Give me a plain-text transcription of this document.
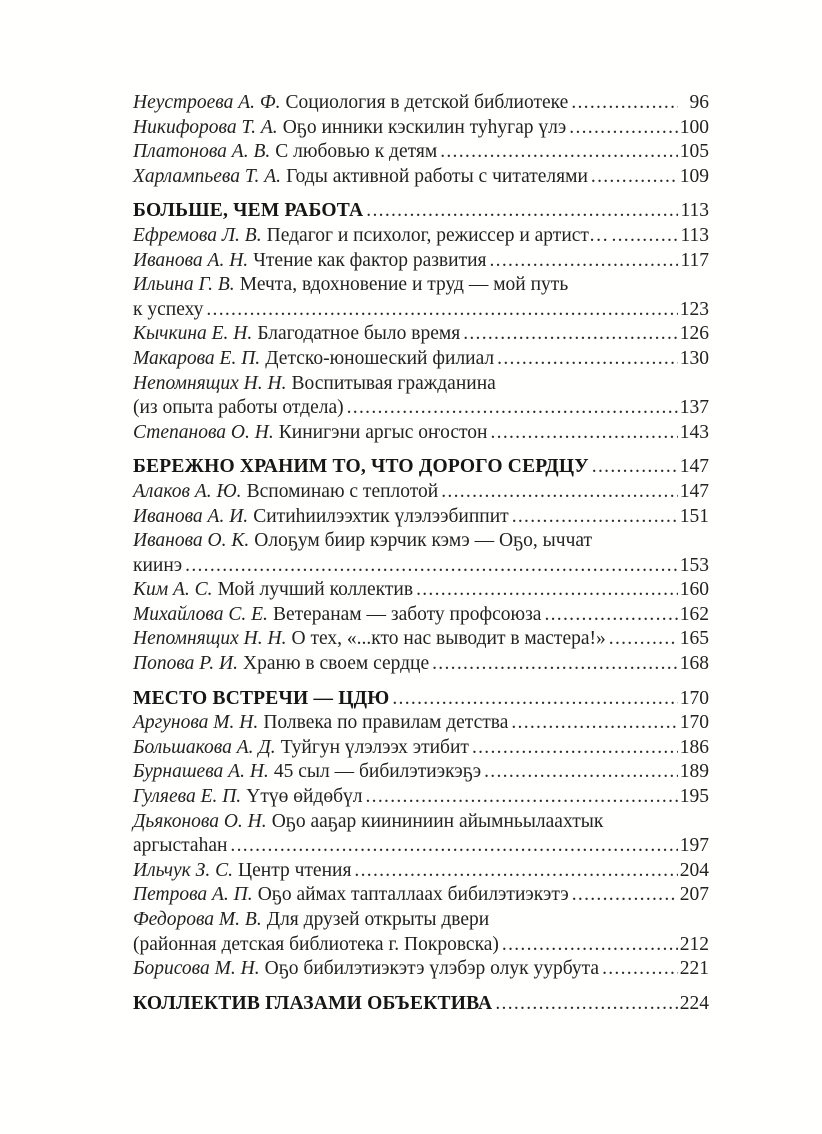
Неустроева А. Ф. Социология в детской библиотеке .....	96
Никифорова Т. А. Оҕо инники кэскилин туһугар үлэ .....	100
Платонова А. В. С любовью к детям .....	105
Харлампьева Т. А. Годы активной работы с читателями .....	109
БОЛЬШЕ, ЧЕМ РАБОТА .....	113
Ефремова Л. В. Педагог и психолог, режиссер и артист… .....	113
Иванова А. Н. Чтение как фактор развития .....	117
Ильина Г. В. Мечта, вдохновение и труд — мой путь
к успеху .....	123
Кычкина Е. Н. Благодатное было время .....	126
Макарова Е. П. Детско-юношеский филиал .....	130
Непомнящих Н. Н. Воспитывая гражданина
(из опыта работы отдела) .....	137
Степанова О. Н. Кинигэни аргыс оҥостон .....	143
БЕРЕЖНО ХРАНИМ ТО, ЧТО ДОРОГО СЕРДЦУ .....	147
Алаков А. Ю. Вспоминаю с теплотой .....	147
Иванова А. И. Ситиһиилээхтик үлэлээбиппит .....	151
Иванова О. К. Олоҕум биир кэрчик кэмэ — Оҕо, ыччат
киинэ .....	153
Ким А. С. Мой лучший коллектив .....	160
Михайлова С. Е. Ветеранам — заботу профсоюза .....	162
Непомнящих Н. Н. О тех, «...кто нас выводит в мастера!» .....	165
Попова Р. И. Храню в своем сердце .....	168
МЕСТО ВСТРЕЧИ — ЦДЮ .....	170
Аргунова М. Н. Полвека по правилам детства .....	170
Большакова А. Д. Туйгун үлэлээх этибит .....	186
Бурнашева А. Н. 45 сыл — бибилэтиэкэҕэ .....	189
Гуляева Е. П. Үтүө өйдөбүл .....	195
Дьяконова О. Н. Оҕо ааҕар киининиин айымньылаахтык
аргыстаһан .....	197
Ильчук З. С. Центр чтения .....	204
Петрова А. П. Оҕо аймах тапталлаах бибилэтиэкэтэ .....	207
Федорова М. В. Для друзей открыты двери
(районная детская библиотека г. Покровска) .....	212
Борисова М. Н. Оҕо бибилэтиэкэтэ үлэбэр олук уурбута .....	221
КОЛЛЕКТИВ ГЛАЗАМИ ОБЪЕКТИВА .....	224
